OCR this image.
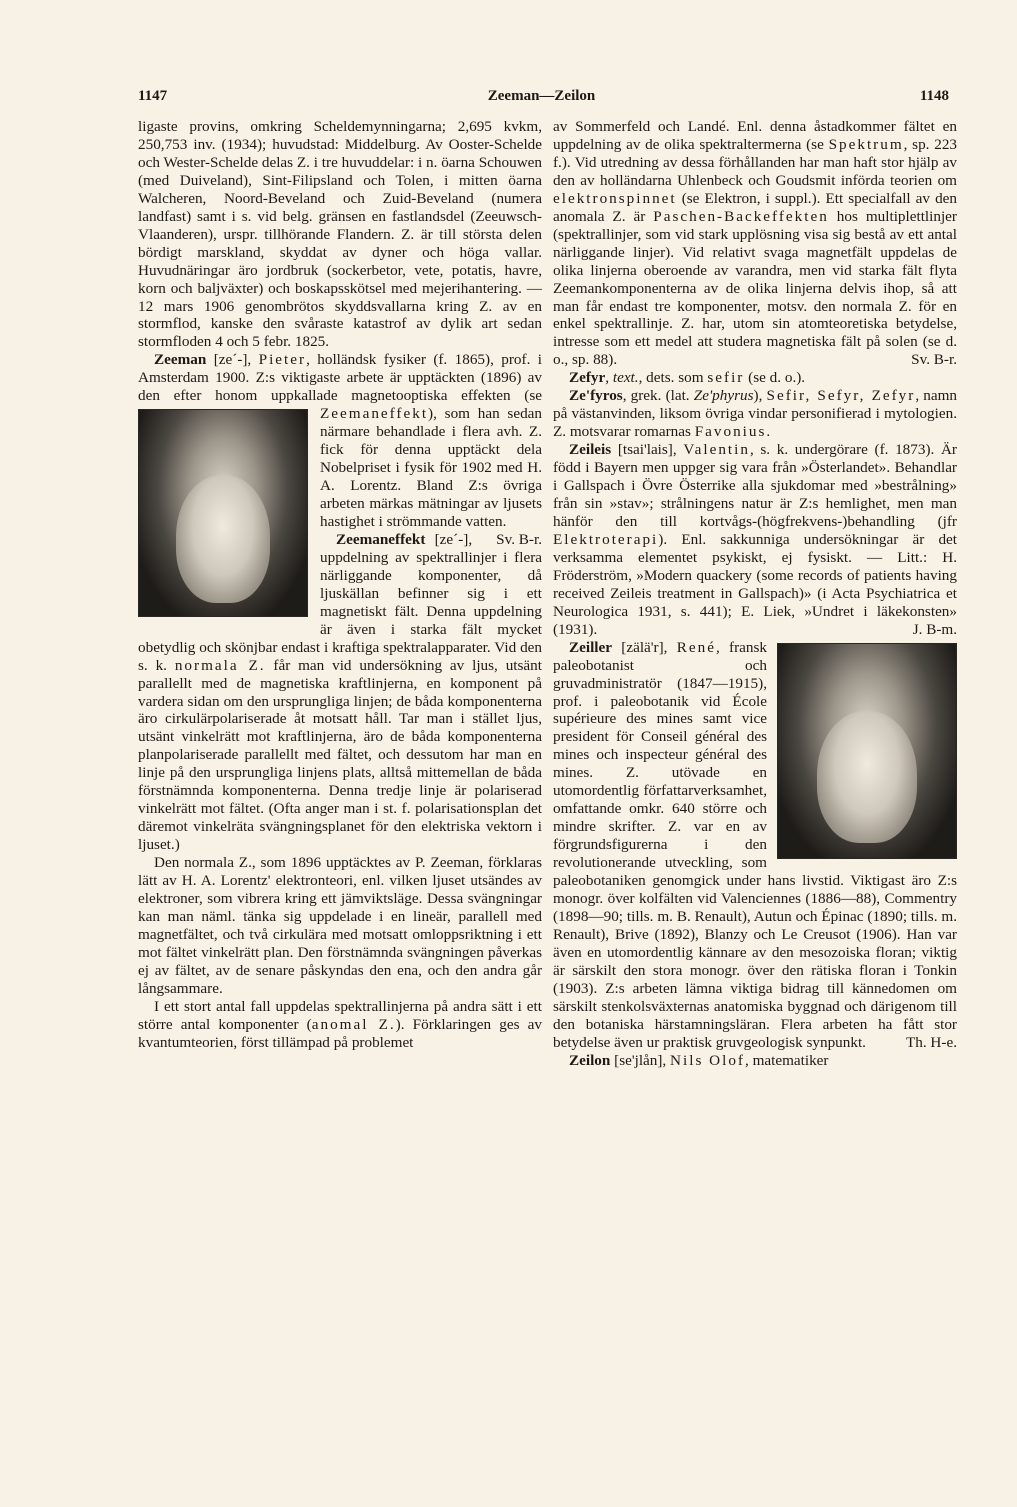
1147	Zeeman—Zeilon	1148

ligaste provins, omkring Scheldemynningarna; 2,695 kvkm, 250,753 inv. (1934); huvudstad: Middelburg. Av Ooster-Schelde och Wester-Schelde delas Z. i tre huvuddelar: i n. öarna Schouwen (med Duiveland), Sint-Filipsland och Tolen, i mitten öarna Walcheren, Noord-Beveland och Zuid-Beveland (numera landfast) samt i s. vid belg. gränsen en fastlandsdel (Zeeuwsch-Vlaanderen), urspr. tillhörande Flandern. Z. är till största delen bördigt marskland, skyddat av dyner och höga vallar. Huvudnäringar äro jordbruk (sockerbetor, vete, potatis, havre, korn och baljväxter) och boskapsskötsel med mejerihantering. — 12 mars 1906 genombrötos skyddsvallarna kring Z. av en stormflod, kanske den svåraste katastrof av dylik art sedan stormfloden 4 och 5 febr. 1825.

Zeeman [ze´-], Pieter, holländsk fysiker (f. 1865), prof. i Amsterdam 1900. Z:s viktigaste arbete är upptäckten (1896) av den efter honom uppkallade magnetooptiska effekten (se
Zeemaneffekt), som han sedan närmare behandlade i flera avh. Z. fick för denna upptäckt dela Nobelpriset i fysik för 1902 med H. A. Lorentz. Bland Z:s övriga arbeten märkas mätningar av ljusets hastighet i strömmande vatten.
Sv. B-r.

Zeemaneffekt [ze´-], uppdelning av spektrallinjer i flera närliggande komponenter, då ljuskällan befinner sig i ett magnetiskt fält. Denna uppdelning är även i starka fält mycket obetydlig och skönjbar endast i kraftiga spektralapparater. Vid den s. k. normala Z. får man vid undersökning av ljus, utsänt parallellt med de magnetiska kraftlinjerna, en komponent på vardera sidan om den ursprungliga linjen; de båda komponenterna äro cirkulärpolariserade åt motsatt håll. Tar man i stället ljus, utsänt vinkelrätt mot kraftlinjerna, äro de båda komponenterna planpolariserade parallellt med fältet, och dessutom har man en linje på den ursprungliga linjens plats, alltså mittemellan de båda förstnämnda komponenterna. Denna tredje linje är polariserad vinkelrätt mot fältet. (Ofta anger man i st. f. polarisationsplan det däremot vinkelräta svängningsplanet för den elektriska vektorn i ljuset.)

Den normala Z., som 1896 upptäcktes av P. Zeeman, förklaras lätt av H. A. Lorentz' elektronteori, enl. vilken ljuset utsändes av elektroner, som vibrera kring ett jämviktsläge. Dessa svängningar kan man näml. tänka sig uppdelade i en lineär, parallell med magnetfältet, och två cirkulära med motsatt omloppsriktning i ett mot fältet vinkelrätt plan. Den förstnämnda svängningen påverkas ej av fältet, av de senare påskyndas den ena, och den andra går långsammare.

I ett stort antal fall uppdelas spektrallinjerna på andra sätt i ett större antal komponenter (anomal Z.). Förklaringen ges av kvantumteorien, först tillämpad på problemet

av Sommerfeld och Landé. Enl. denna åstadkommer fältet en uppdelning av de olika spektraltermerna (se Spektrum, sp. 223 f.). Vid utredning av dessa förhållanden har man haft stor hjälp av den av holländarna Uhlenbeck och Goudsmit införda teorien om elektronspinnet (se Elektron, i suppl.). Ett specialfall av den anomala Z. är Paschen-Backeffekten hos multiplettlinjer (spektrallinjer, som vid stark upplösning visa sig bestå av ett antal närliggande linjer). Vid relativt svaga magnetfält uppdelas de olika linjerna oberoende av varandra, men vid starka fält flyta Zeemankomponenterna av de olika linjerna delvis ihop, så att man får endast tre komponenter, motsv. den normala Z. för en enkel spektrallinje. Z. har, utom sin atomteoretiska betydelse, intresse som ett medel att studera magnetiska fält på solen (se d. o., sp. 88).	Sv. B-r.

Zefyr, text., dets. som sefir (se d. o.).

Ze'fyros, grek. (lat. Ze'phyrus), Sefir, Sefyr, Zefyr, namn på västanvinden, liksom övriga vindar personifierad i mytologien. Z. motsvarar romarnas Favonius.

Zeileis [tsai'lais], Valentin, s. k. undergörare (f. 1873). Är född i Bayern men uppger sig vara från »Österlandet». Behandlar i Gallspach i Övre Österrike alla sjukdomar med »bestrålning» från sin »stav»; strålningens natur är Z:s hemlighet, men man hänför den till kortvågs-(högfrekvens-)behandling (jfr Elektroterapi). Enl. sakkunniga undersökningar är det verksamma elementet psykiskt, ej fysiskt. — Litt.: H. Fröderström, »Modern quackery (some records of patients having received Zeileis treatment in Gallspach)» (i Acta Psychiatrica et Neurologica 1931, s. 441); E. Liek, »Undret i läkekonsten» (1931).	J. B-m.

Zeiller [zälä'r], René
, fransk paleobotanist och gruvadministratör (1847—1915), prof. i paleobotanik vid École supérieure des mines samt vice president för Conseil général des mines och inspecteur général des mines. Z. utövade en utomordentlig författarverksamhet, omfattande omkr. 640 större och mindre skrifter. Z. var en av förgrundsfigurerna i den revolutionerande utveckling, som paleobotaniken genomgick under hans livstid. Viktigast äro Z:s monogr. över kolfälten vid Valenciennes (1886—88), Commentry (1898—90; tills. m. B. Renault), Autun och Épinac (1890; tills. m. Renault), Brive (1892), Blanzy och Le Creusot (1906). Han var även en utomordentlig kännare av den mesozoiska floran; viktig är särskilt den stora monogr. över den rätiska floran i Tonkin (1903). Z:s arbeten lämna viktiga bidrag till kännedomen om särskilt stenkolsväxternas anatomiska byggnad och därigenom till den botaniska härstamningsläran. Flera arbeten ha fått stor betydelse även ur praktisk gruvgeologisk synpunkt.	Th. H-e.

Zeilon [se'jlån], Nils Olof, matematiker
